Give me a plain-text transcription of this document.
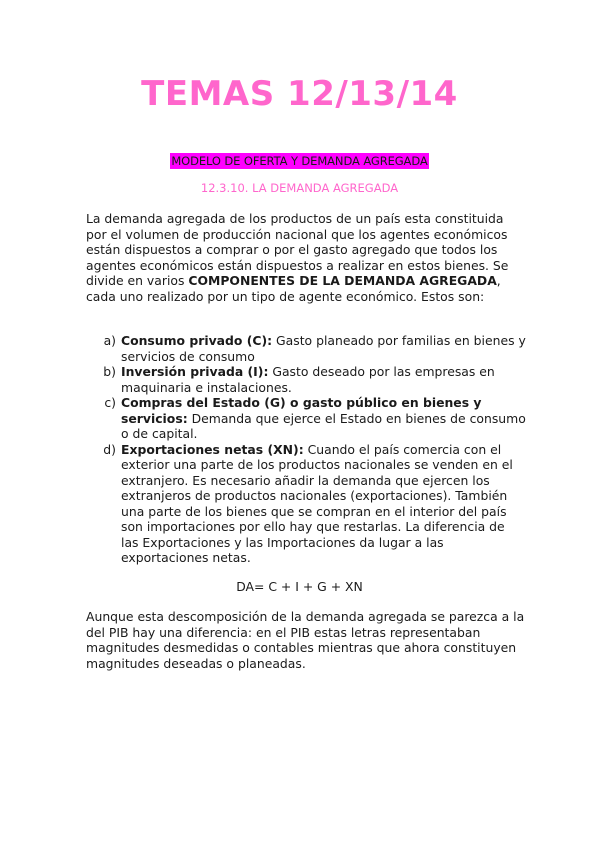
TEMAS 12/13/14
MODELO DE OFERTA Y DEMANDA AGREGADA
12.3.10. LA DEMANDA AGREGADA

La demanda agregada de los productos de un país esta constituida por el volumen de producción nacional que los agentes económicos están dispuestos a comprar o por el gasto agregado que todos los agentes económicos están dispuestos a realizar en estos bienes. Se divide en varios COMPONENTES DE LA DEMANDA AGREGADA, cada uno realizado por un tipo de agente económico. Estos son:

a) Consumo privado (C): Gasto planeado por familias en bienes y servicios de consumo
b) Inversión privada (I): Gasto deseado por las empresas en maquinaria e instalaciones.
c) Compras del Estado (G) o gasto público en bienes y servicios: Demanda que ejerce el Estado en bienes de consumo o de capital.
d) Exportaciones netas (XN): Cuando el país comercia con el exterior una parte de los productos nacionales se venden en el extranjero. Es necesario añadir la demanda que ejercen los extranjeros de productos nacionales (exportaciones). También una parte de los bienes que se compran en el interior del país son importaciones por ello hay que restarlas. La diferencia de las Exportaciones y las Importaciones da lugar a las exportaciones netas.
DA= C + I + G + XN

Aunque esta descomposición de la demanda agregada se parezca a la del PIB hay una diferencia: en el PIB estas letras representaban magnitudes desmedidas o contables mientras que ahora constituyen magnitudes deseadas o planeadas.
